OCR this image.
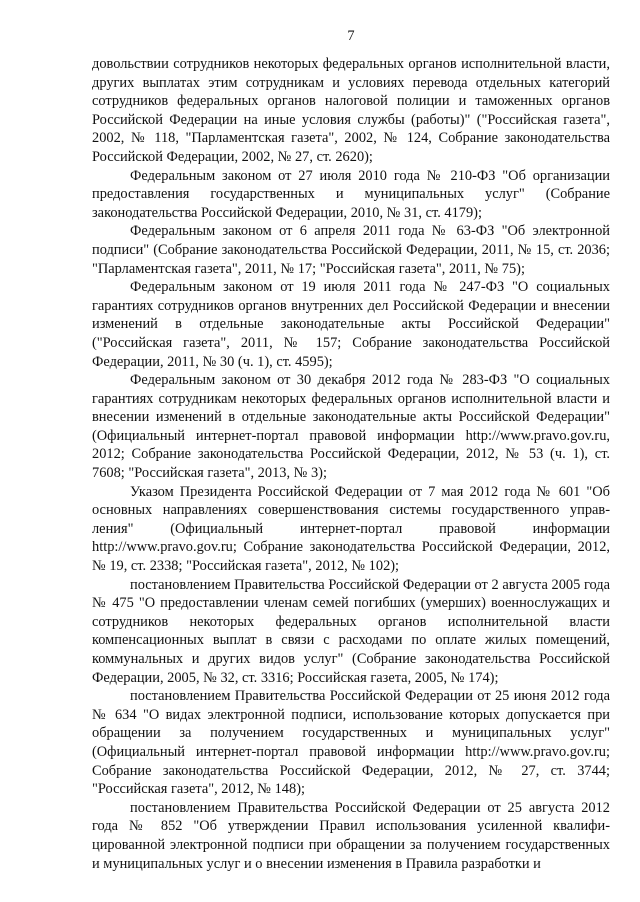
7

довольствии сотрудников некоторых федеральных органов исполнительной власти, других выплатах этим сотрудникам и условиях перевода отдельных категорий сотрудников федеральных органов налоговой полиции и таможенных органов Российской Федерации на иные условия службы (работы)" ("Российская газета", 2002, № 118, "Парламентская газета", 2002, № 124, Собрание законодательства Российской Федерации, 2002, № 27, ст. 2620);

Федеральным законом от 27 июля 2010 года № 210-ФЗ "Об организации предоставления государственных и муниципальных услуг" (Собрание законодательства Российской Федерации, 2010, № 31, ст. 4179);

Федеральным законом от 6 апреля 2011 года № 63-ФЗ "Об электронной подписи" (Собрание законодательства Российской Федерации, 2011, № 15, ст. 2036; "Парламентская газета", 2011, № 17; "Российская газета", 2011, № 75);

Федеральным законом от 19 июля 2011 года № 247-ФЗ "О социальных гарантиях сотрудников органов внутренних дел Российской Федерации и внесении изменений в отдельные законодательные акты Российской Федерации" ("Российская газета", 2011, № 157; Собрание законодательства Российской Федерации, 2011, № 30 (ч. 1), ст. 4595);

Федеральным законом от 30 декабря 2012 года № 283-ФЗ "О социальных гарантиях сотрудникам некоторых федеральных органов исполнительной власти и внесении изменений в отдельные законодательные акты Российской Федерации" (Официальный интернет-портал правовой информации http://www.pravo.gov.ru, 2012; Собрание законодательства Российской Федерации, 2012, № 53 (ч. 1), ст. 7608; "Российская газета", 2013, № 3);

Указом Президента Российской Федерации от 7 мая 2012 года № 601 "Об основных направлениях совершенствования системы государственного управления" (Официальный интернет-портал правовой информации http://www.pravo.gov.ru; Собрание законодательства Российской Федерации, 2012, № 19, ст. 2338; "Российская газета", 2012, № 102);

постановлением Правительства Российской Федерации от 2 августа 2005 года № 475 "О предоставлении членам семей погибших (умерших) военнослужащих и сотрудников некоторых федеральных органов исполнительной власти компенсационных выплат в связи с расходами по оплате жилых помещений, коммунальных и других видов услуг" (Собрание законодательства Российской Федерации, 2005, № 32, ст. 3316; Российская газета, 2005, № 174);

постановлением Правительства Российской Федерации от 25 июня 2012 года № 634 "О видах электронной подписи, использование которых допускается при обращении за получением государственных и муниципальных услуг" (Официальный интернет-портал правовой информации http://www.pravo.gov.ru; Собрание законодательства Российской Федерации, 2012, № 27, ст. 3744; "Российская газета", 2012, № 148);

постановлением Правительства Российской Федерации от 25 августа 2012 года № 852 "Об утверждении Правил использования усиленной квалифицированной электронной подписи при обращении за получением государственных и муниципальных услуг и о внесении изменения в Правила разработки и
